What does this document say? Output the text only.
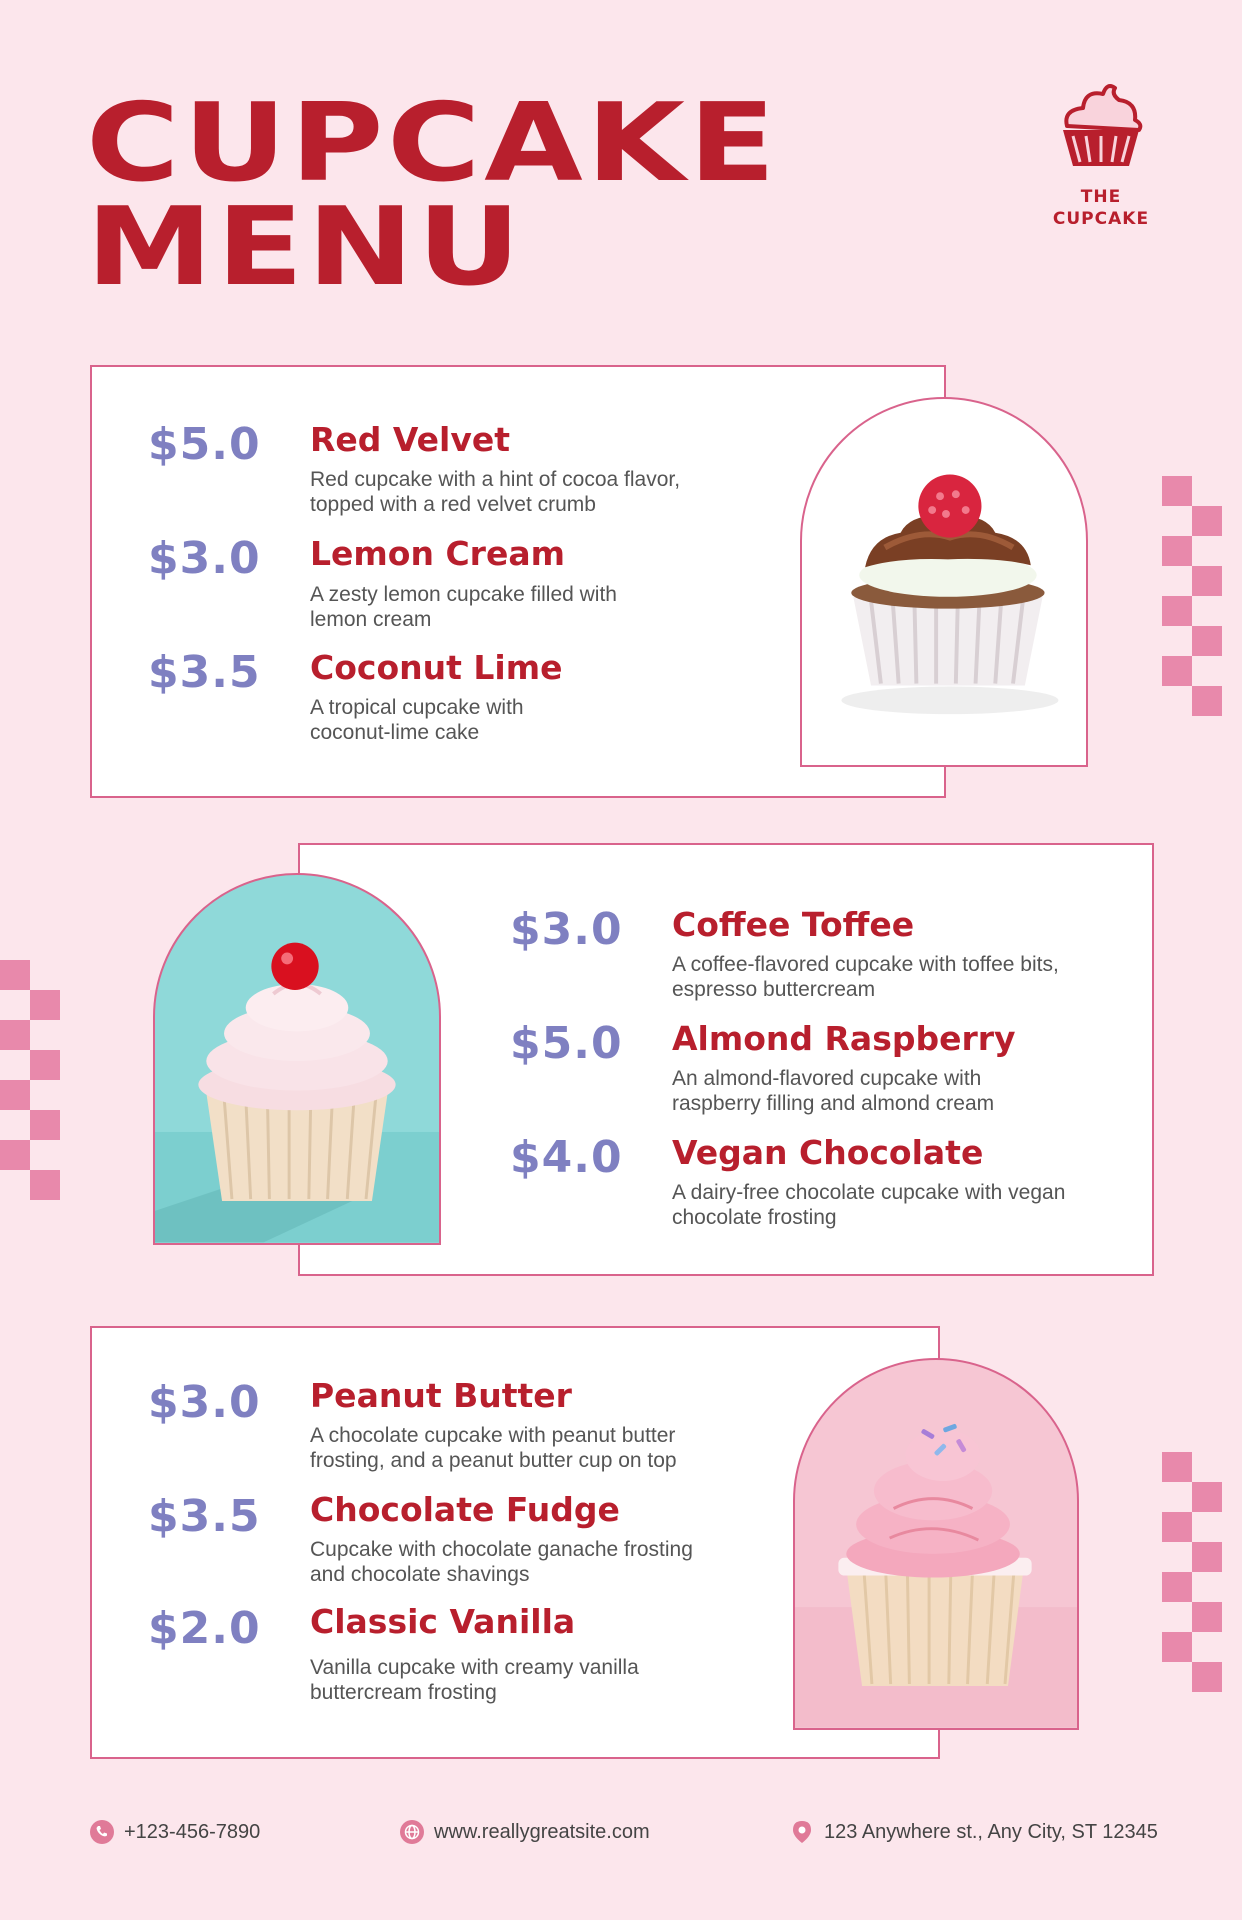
CUPCAKE
MENU	THE
CUPCAKE
$5.0 Red Velvet
Red cupcake with a hint of cocoa flavor, topped with a red velvet crumb
$3.0 Lemon Cream
A zesty lemon cupcake filled with lemon cream
$3.5 Coconut Lime
A tropical cupcake with coconut-lime cake
$3.0 Coffee Toffee
A coffee-flavored cupcake with toffee bits, espresso buttercream
$5.0 Almond Raspberry
An almond-flavored cupcake with raspberry filling and almond cream
$4.0 Vegan Chocolate
A dairy-free chocolate cupcake with vegan chocolate frosting
$3.0 Peanut Butter
A chocolate cupcake with peanut butter frosting, and a peanut butter cup on top
$3.5 Chocolate Fudge
Cupcake with chocolate ganache frosting and chocolate shavings
$2.0 Classic Vanilla
Vanilla cupcake with creamy vanilla buttercream frosting
+123-456-7890	www.reallygreatsite.com	123 Anywhere st., Any City, ST 12345
